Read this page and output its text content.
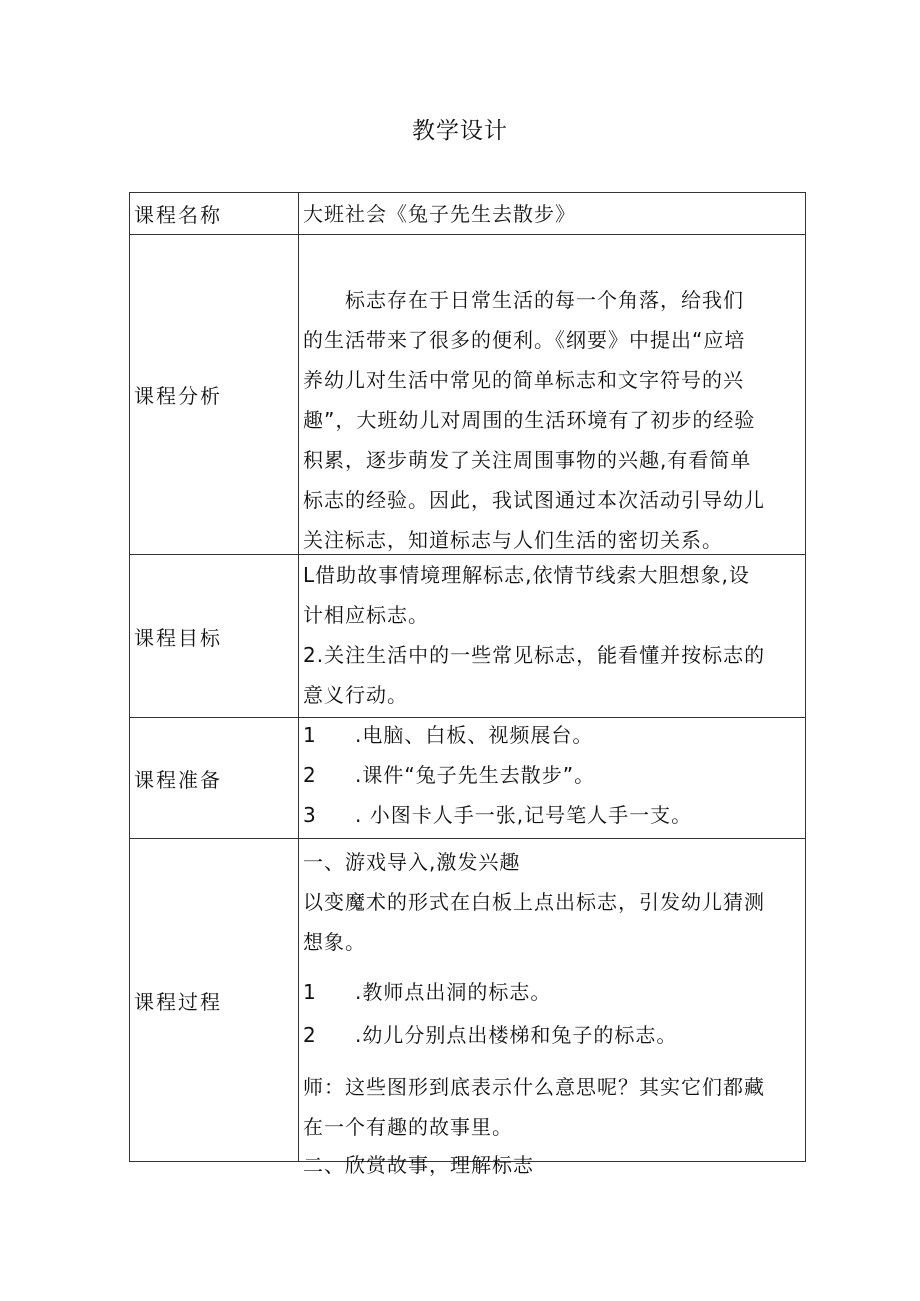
教学设计
课程名称	大班社会《兔子先生去散步》
课程分析
　　标志存在于日常生活的每一个角落，给我们
的生活带来了很多的便利。《纲要》中提出“应培
养幼儿对生活中常见的简单标志和文字符号的兴
趣”，大班幼儿对周围的生活环境有了初步的经验
积累，逐步萌发了关注周围事物的兴趣,有看简单
标志的经验。因此，我试图通过本次活动引导幼儿
关注标志，知道标志与人们生活的密切关系。
课程目标
L借助故事情境理解标志,依情节线索大胆想象,设
计相应标志。
2.关注生活中的一些常见标志，能看懂并按标志的
意义行动。
课程准备
1 .电脑、白板、视频展台。
2 .课件“兔子先生去散步”。
3 . 小图卡人手一张,记号笔人手一支。
课程过程
一、游戏导入,激发兴趣
以变魔术的形式在白板上点出标志，引发幼儿猜测
想象。
1 .教师点出洞的标志。
2 .幼儿分别点出楼梯和兔子的标志。
师：这些图形到底表示什么意思呢？其实它们都藏
在一个有趣的故事里。
二、欣赏故事，理解标志
